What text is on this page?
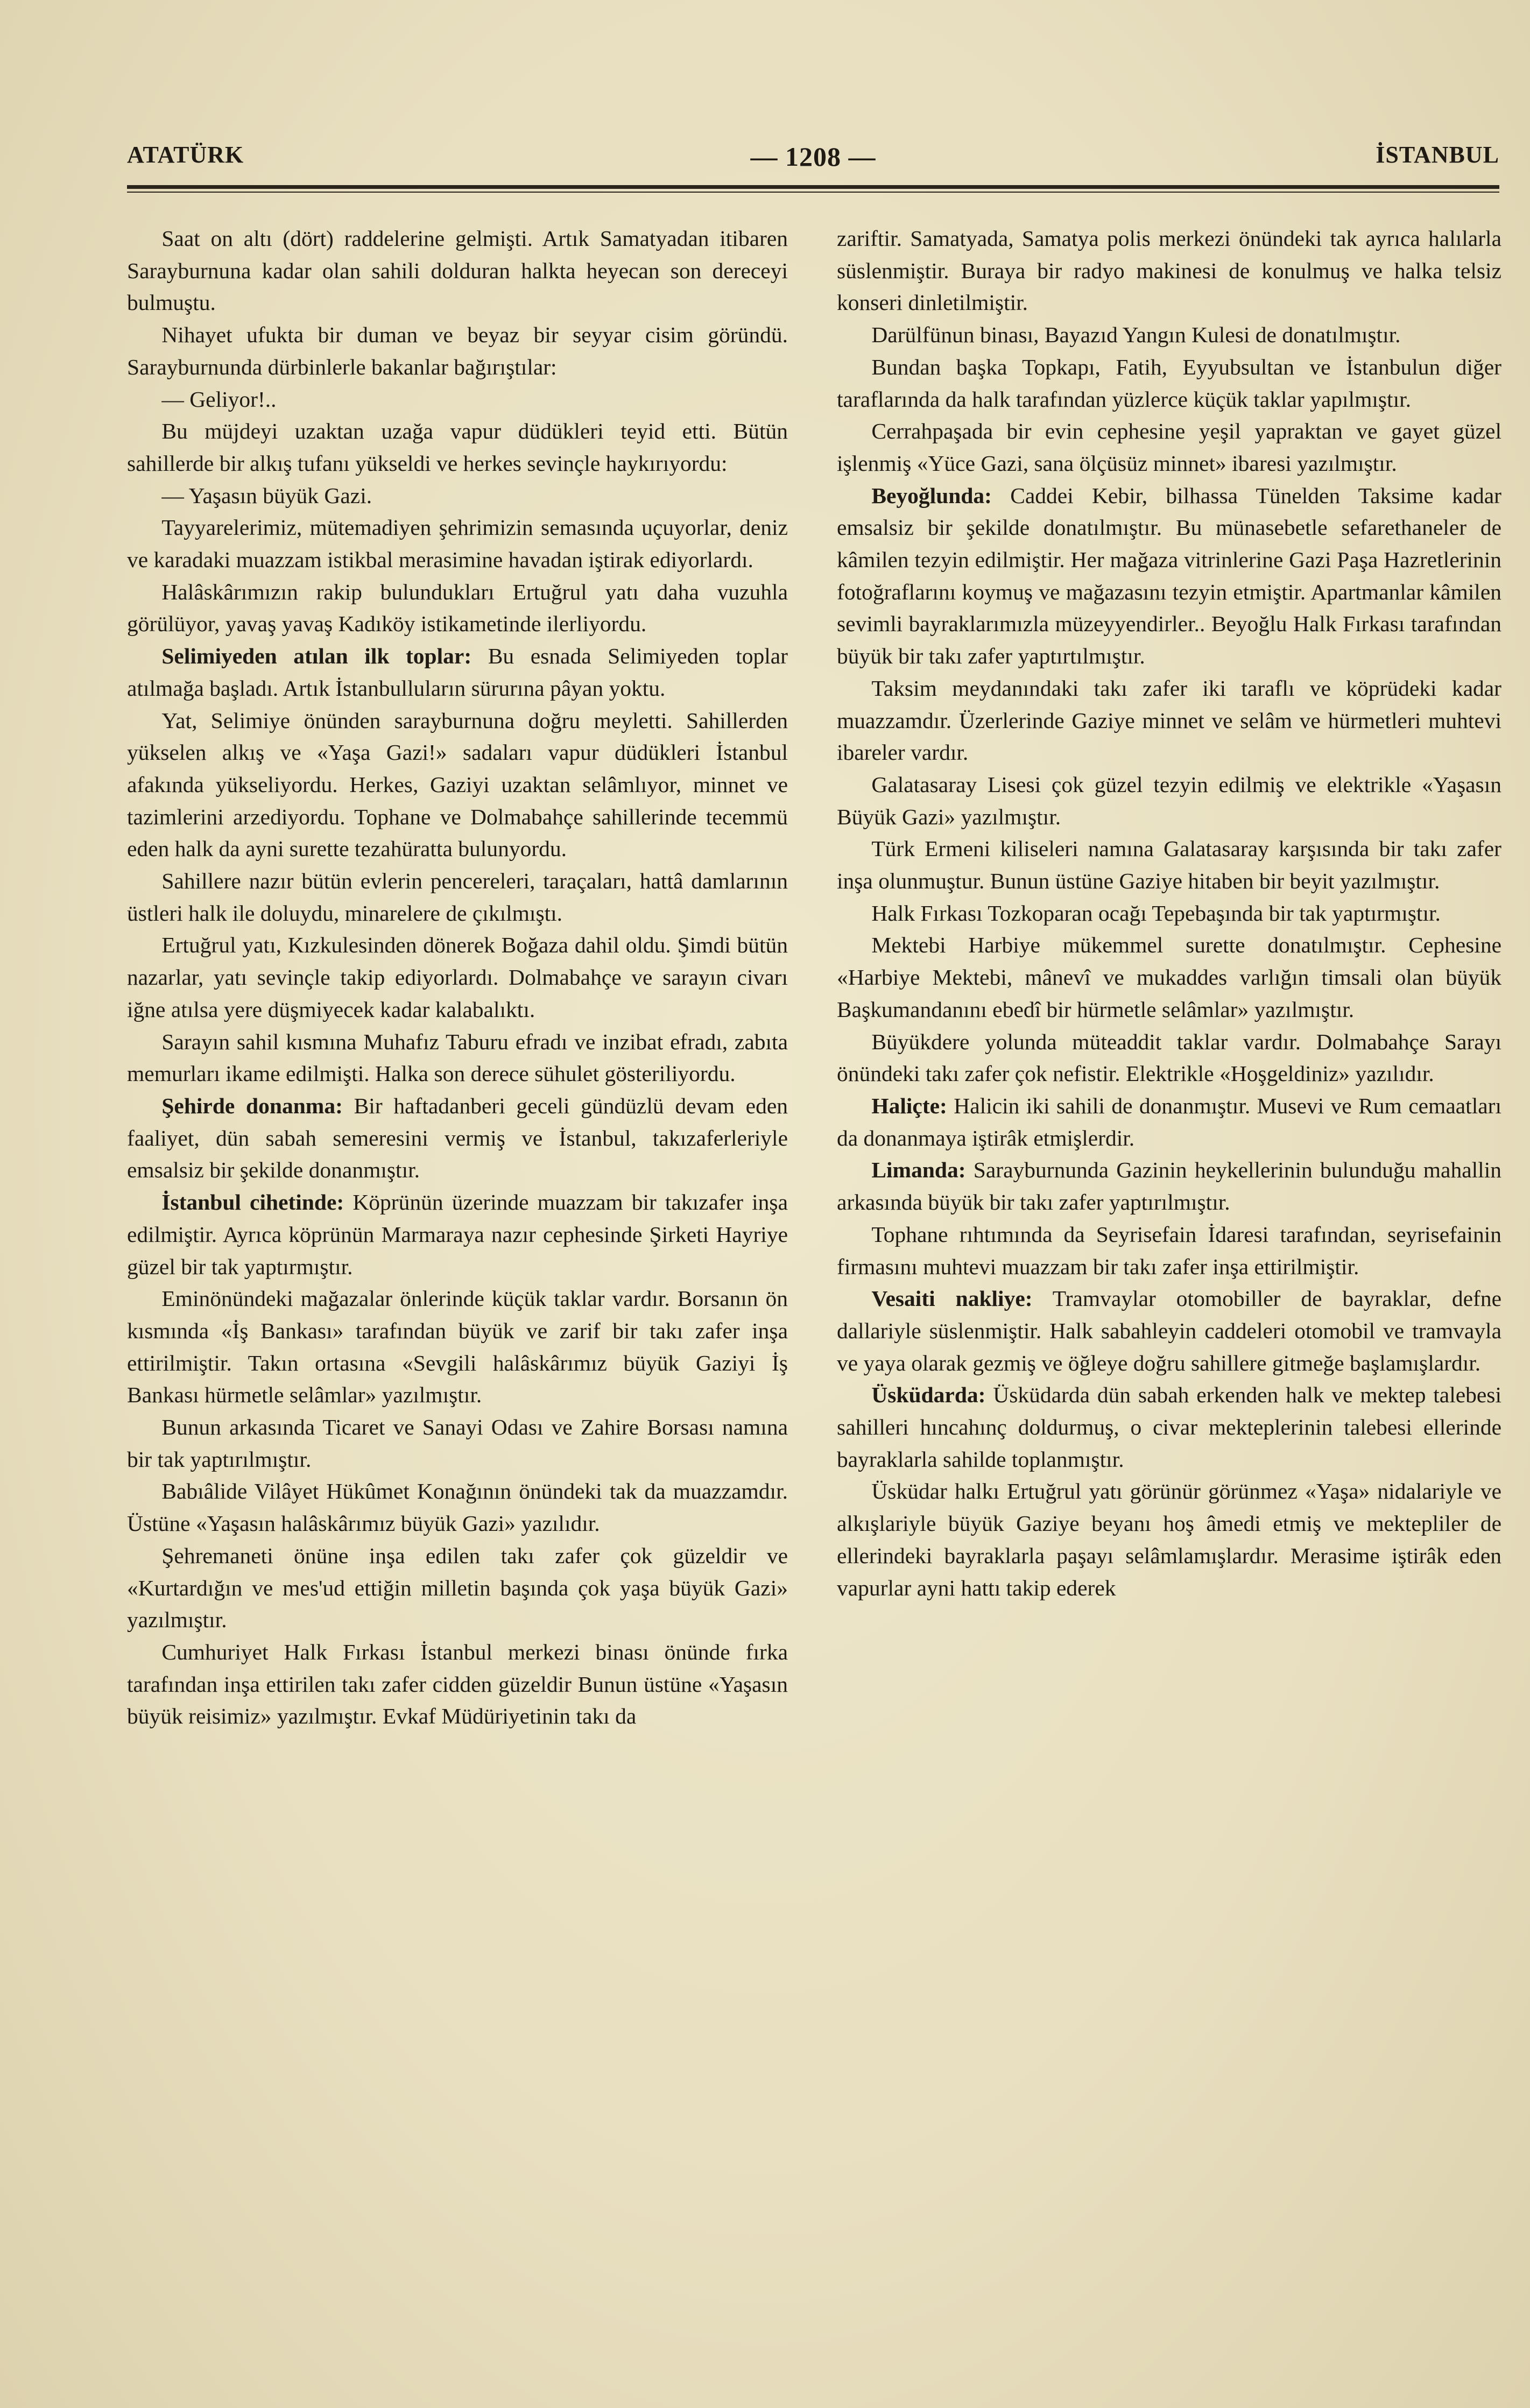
ATATÜRK	— 1208 —	İSTANBUL

Saat on altı (dört) raddelerine gelmişti. Artık Samatyadan itibaren Sarayburnuna kadar olan sahili dolduran halkta heyecan son dereceyi bulmuştu.

Nihayet ufukta bir duman ve beyaz bir seyyar cisim göründü. Sarayburnunda dürbinlerle bakanlar bağırıştılar:

— Geliyor!..

Bu müjdeyi uzaktan uzağa vapur düdükleri teyid etti. Bütün sahillerde bir alkış tufanı yükseldi ve herkes sevinçle haykırıyordu:

— Yaşasın büyük Gazi.

Tayyarelerimiz, mütemadiyen şehrimizin semasında uçuyorlar, deniz ve karadaki muazzam istikbal merasimine havadan iştirak ediyorlardı.

Halâskârımızın rakip bulundukları Ertuğrul yatı daha vuzuhla görülüyor, yavaş yavaş Kadıköy istikametinde ilerliyordu.

Selimiyeden atılan ilk toplar: Bu esnada Selimiyeden toplar atılmağa başladı. Artık İstanbulluların sürurına pâyan yoktu.

Yat, Selimiye önünden sarayburnuna doğru meyletti. Sahillerden yükselen alkış ve «Yaşa Gazi!» sadaları vapur düdükleri İstanbul afakında yükseliyordu. Herkes, Gaziyi uzaktan selâmlıyor, minnet ve tazimlerini arzediyordu. Tophane ve Dolmabahçe sahillerinde tecemmü eden halk da ayni surette tezahüratta bulunyordu.

Sahillere nazır bütün evlerin pencereleri, taraçaları, hattâ damlarının üstleri halk ile doluydu, minarelere de çıkılmıştı.

Ertuğrul yatı, Kızkulesinden dönerek Boğaza dahil oldu. Şimdi bütün nazarlar, yatı sevinçle takip ediyorlardı. Dolmabahçe ve sarayın civarı iğne atılsa yere düşmiyecek kadar kalabalıktı.

Sarayın sahil kısmına Muhafız Taburu efradı ve inzibat efradı, zabıta memurları ikame edilmişti. Halka son derece sühulet gösteriliyordu.

Şehirde donanma: Bir haftadanberi geceli gündüzlü devam eden faaliyet, dün sabah semeresini vermiş ve İstanbul, takızaferleriyle emsalsiz bir şekilde donanmıştır.

İstanbul cihetinde: Köprünün üzerinde muazzam bir takızafer inşa edilmiştir. Ayrıca köprünün Marmaraya nazır cephesinde Şirketi Hayriye güzel bir tak yaptırmıştır.

Eminönündeki mağazalar önlerinde küçük taklar vardır. Borsanın ön kısmında «İş Bankası» tarafından büyük ve zarif bir takı zafer inşa ettirilmiştir. Takın ortasına «Sevgili halâskârımız büyük Gaziyi İş Bankası hürmetle selâmlar» yazılmıştır.

Bunun arkasında Ticaret ve Sanayi Odası ve Zahire Borsası namına bir tak yaptırılmıştır.

Babıâlide Vilâyet Hükûmet Konağının önündeki tak da muazzamdır. Üstüne «Yaşasın halâskârımız büyük Gazi» yazılıdır.

Şehremaneti önüne inşa edilen takı zafer çok güzeldir ve «Kurtardığın ve mes'ud ettiğin milletin başında çok yaşa büyük Gazi» yazılmıştır.

Cumhuriyet Halk Fırkası İstanbul merkezi binası önünde fırka tarafından inşa ettirilen takı zafer cidden güzeldir Bunun üstüne «Yaşasın büyük reisimiz» yazılmıştır. Evkaf Müdüriyetinin takı da

zariftir. Samatyada, Samatya polis merkezi önündeki tak ayrıca halılarla süslenmiştir. Buraya bir radyo makinesi de konulmuş ve halka telsiz konseri dinletilmiştir.

Darülfünun binası, Bayazıd Yangın Kulesi de donatılmıştır.

Bundan başka Topkapı, Fatih, Eyyubsultan ve İstanbulun diğer taraflarında da halk tarafından yüzlerce küçük taklar yapılmıştır.

Cerrahpaşada bir evin cephesine yeşil yapraktan ve gayet güzel işlenmiş «Yüce Gazi, sana ölçüsüz minnet» ibaresi yazılmıştır.

Beyoğlunda: Caddei Kebir, bilhassa Tünelden Taksime kadar emsalsiz bir şekilde donatılmıştır. Bu münasebetle sefarethaneler de kâmilen tezyin edilmiştir. Her mağaza vitrinlerine Gazi Paşa Hazretlerinin fotoğraflarını koymuş ve mağazasını tezyin etmiştir. Apartmanlar kâmilen sevimli bayraklarımızla müzeyyendirler.. Beyoğlu Halk Fırkası tarafından büyük bir takı zafer yaptırtılmıştır.

Taksim meydanındaki takı zafer iki taraflı ve köprüdeki kadar muazzamdır. Üzerlerinde Gaziye minnet ve selâm ve hürmetleri muhtevi ibareler vardır.

Galatasaray Lisesi çok güzel tezyin edilmiş ve elektrikle «Yaşasın Büyük Gazi» yazılmıştır.

Türk Ermeni kiliseleri namına Galatasaray karşısında bir takı zafer inşa olunmuştur. Bunun üstüne Gaziye hitaben bir beyit yazılmıştır.

Halk Fırkası Tozkoparan ocağı Tepebaşında bir tak yaptırmıştır.

Mektebi Harbiye mükemmel surette donatılmıştır. Cephesine «Harbiye Mektebi, mânevî ve mukaddes varlığın timsali olan büyük Başkumandanını ebedî bir hürmetle selâmlar» yazılmıştır.

Büyükdere yolunda müteaddit taklar vardır. Dolmabahçe Sarayı önündeki takı zafer çok nefistir. Elektrikle «Hoşgeldiniz» yazılıdır.

Haliçte: Halicin iki sahili de donanmıştır. Musevi ve Rum cemaatları da donanmaya iştirâk etmişlerdir.

Limanda: Sarayburnunda Gazinin heykellerinin bulunduğu mahallin arkasında büyük bir takı zafer yaptırılmıştır.

Tophane rıhtımında da Seyrisefain İdaresi tarafından, seyrisefainin firmasını muhtevi muazzam bir takı zafer inşa ettirilmiştir.

Vesaiti nakliye: Tramvaylar otomobiller de bayraklar, defne dallariyle süslenmiştir. Halk sabahleyin caddeleri otomobil ve tramvayla ve yaya olarak gezmiş ve öğleye doğru sahillere gitmeğe başlamışlardır.

Üsküdarda: Üsküdarda dün sabah erkenden halk ve mektep talebesi sahilleri hıncahınç doldurmuş, o civar mekteplerinin talebesi ellerinde bayraklarla sahilde toplanmıştır.

Üsküdar halkı Ertuğrul yatı görünür görünmez «Yaşa» nidalariyle ve alkışlariyle büyük Gaziye beyanı hoş âmedi etmiş ve mektepliler de ellerindeki bayraklarla paşayı selâmlamışlardır. Merasime iştirâk eden vapurlar ayni hattı takip ederek
